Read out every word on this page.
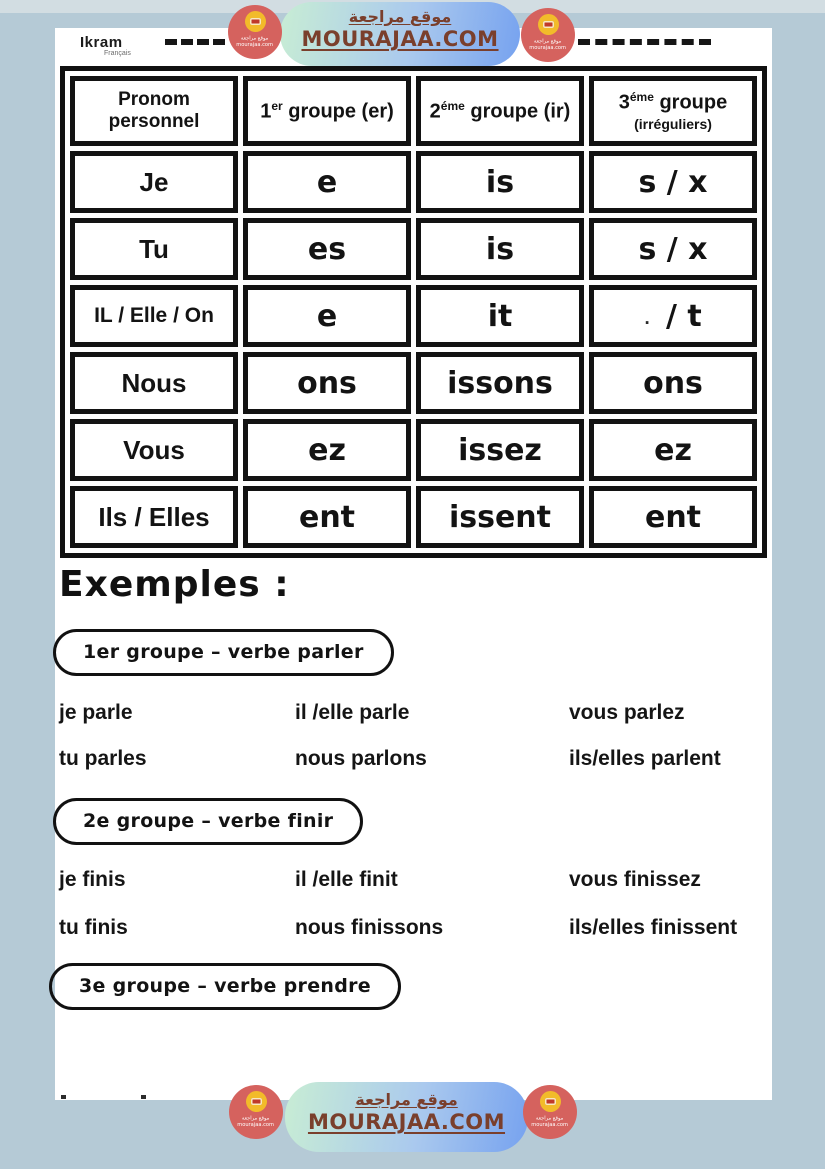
Ikram
Français
Pronom personnel	1er groupe (er)	$2^{éme}$ groupe (ir)	$3^{éme}$ groupe
(irréguliers)

Je	e	is	s / x
Tu	es	is	s / x
IL / Elle / On	e	it	. / t
Nous	ons	issons	ons
Vous	ez	issez	ez
Ils / Elles	ent	issent	ent
Exemples :
1er groupe – verbe parler
je parle	il /elle parle	vous parlez
tu parles	nous parlons	ils/elles parlent
2e groupe – verbe finir
je finis	il /elle finit	vous finissez
tu finis	nous finissons	ils/elles finissent
3e groupe – verbe prendre
موقع مراجعة
MOURAJAA.COM
موقع مراجعة
mourajaa.com
موقع مراجعة
mourajaa.com
موقع مراجعة
MOURAJAA.COM
موقع مراجعة
mourajaa.com
موقع مراجعة
mourajaa.com
